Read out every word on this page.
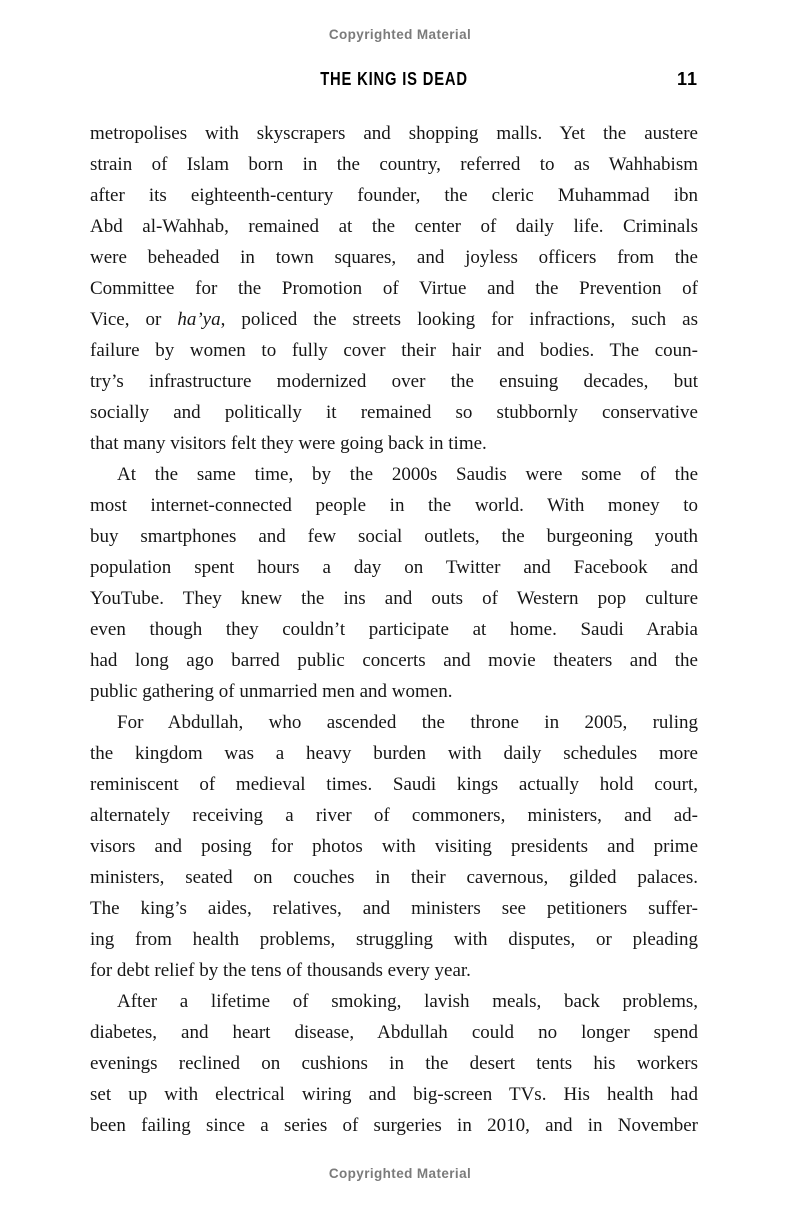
Copyrighted Material
THE KING IS DEAD	11
metropolises with skyscrapers and shopping malls. Yet the austere
strain of Islam born in the country, referred to as Wahhabism
after its eighteenth-century founder, the cleric Muhammad ibn
Abd al-Wahhab, remained at the center of daily life. Criminals
were beheaded in town squares, and joyless officers from the
Committee for the Promotion of Virtue and the Prevention of
Vice, or ha’ya, policed the streets looking for infractions, such as
failure by women to fully cover their hair and bodies. The coun-
try’s infrastructure modernized over the ensuing decades, but
socially and politically it remained so stubbornly conservative
that many visitors felt they were going back in time.
At the same time, by the 2000s Saudis were some of the
most internet-connected people in the world. With money to
buy smartphones and few social outlets, the burgeoning youth
population spent hours a day on Twitter and Facebook and
YouTube. They knew the ins and outs of Western pop culture
even though they couldn’t participate at home. Saudi Arabia
had long ago barred public concerts and movie theaters and the
public gathering of unmarried men and women.
For Abdullah, who ascended the throne in 2005, ruling
the kingdom was a heavy burden with daily schedules more
reminiscent of medieval times. Saudi kings actually hold court,
alternately receiving a river of commoners, ministers, and ad-
visors and posing for photos with visiting presidents and prime
ministers, seated on couches in their cavernous, gilded palaces.
The king’s aides, relatives, and ministers see petitioners suffer-
ing from health problems, struggling with disputes, or pleading
for debt relief by the tens of thousands every year.
After a lifetime of smoking, lavish meals, back problems,
diabetes, and heart disease, Abdullah could no longer spend
evenings reclined on cushions in the desert tents his workers
set up with electrical wiring and big-screen TVs. His health had
been failing since a series of surgeries in 2010, and in November
Copyrighted Material
